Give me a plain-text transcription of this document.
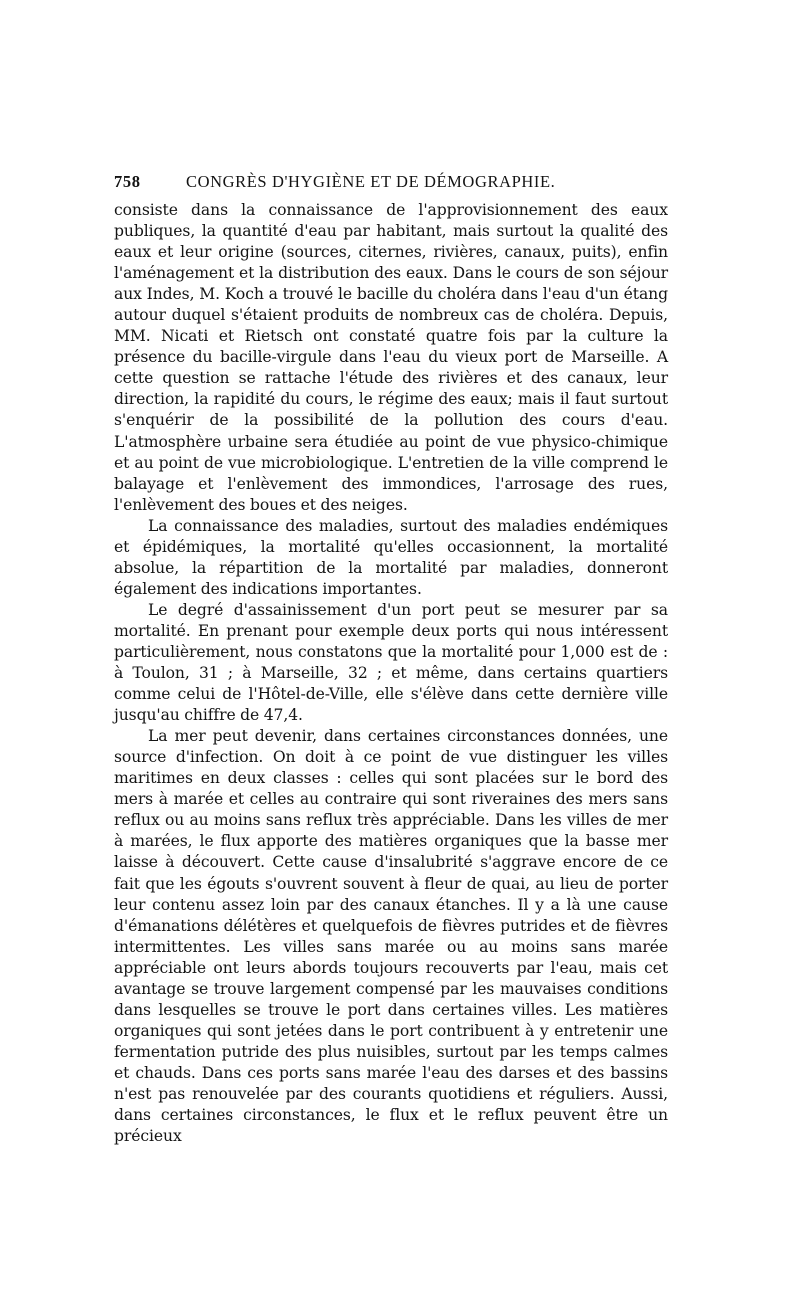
758	CONGRÈS D'HYGIÈNE ET DE DÉMOGRAPHIE.

consiste dans la connaissance de l'approvisionnement des eaux publiques, la quantité d'eau par habitant, mais surtout la qualité des eaux et leur origine (sources, citernes, rivières, canaux, puits), enfin l'aménagement et la distribution des eaux. Dans le cours de son séjour aux Indes, M. Koch a trouvé le bacille du choléra dans l'eau d'un étang autour duquel s'étaient produits de nombreux cas de choléra. Depuis, MM. Nicati et Rietsch ont constaté quatre fois par la culture la présence du bacille-virgule dans l'eau du vieux port de Marseille. A cette question se rattache l'étude des rivières et des canaux, leur direction, la rapidité du cours, le régime des eaux; mais il faut surtout s'enquérir de la possibilité de la pollution des cours d'eau. L'atmosphère urbaine sera étudiée au point de vue physico-chimique et au point de vue microbiologique. L'entretien de la ville comprend le balayage et l'enlèvement des immondices, l'arrosage des rues, l'enlèvement des boues et des neiges.

La connaissance des maladies, surtout des maladies endémiques et épidémiques, la mortalité qu'elles occasionnent, la mortalité absolue, la répartition de la mortalité par maladies, donneront également des indications importantes.

Le degré d'assainissement d'un port peut se mesurer par sa mortalité. En prenant pour exemple deux ports qui nous intéressent particulièrement, nous constatons que la mortalité pour 1,000 est de : à Toulon, 31 ; à Marseille, 32 ; et même, dans certains quartiers comme celui de l'Hôtel-de-Ville, elle s'élève dans cette dernière ville jusqu'au chiffre de 47,4.

La mer peut devenir, dans certaines circonstances données, une source d'infection. On doit à ce point de vue distinguer les villes maritimes en deux classes : celles qui sont placées sur le bord des mers à marée et celles au contraire qui sont riveraines des mers sans reflux ou au moins sans reflux très appréciable. Dans les villes de mer à marées, le flux apporte des matières organiques que la basse mer laisse à découvert. Cette cause d'insalubrité s'aggrave encore de ce fait que les égouts s'ouvrent souvent à fleur de quai, au lieu de porter leur contenu assez loin par des canaux étanches. Il y a là une cause d'émanations délétères et quelquefois de fièvres putrides et de fièvres intermittentes. Les villes sans marée ou au moins sans marée appréciable ont leurs abords toujours recouverts par l'eau, mais cet avantage se trouve largement compensé par les mauvaises conditions dans lesquelles se trouve le port dans certaines villes. Les matières organiques qui sont jetées dans le port contribuent à y entretenir une fermentation putride des plus nuisibles, surtout par les temps calmes et chauds. Dans ces ports sans marée l'eau des darses et des bassins n'est pas renouvelée par des courants quotidiens et réguliers. Aussi, dans certaines circonstances, le flux et le reflux peuvent être un précieux
